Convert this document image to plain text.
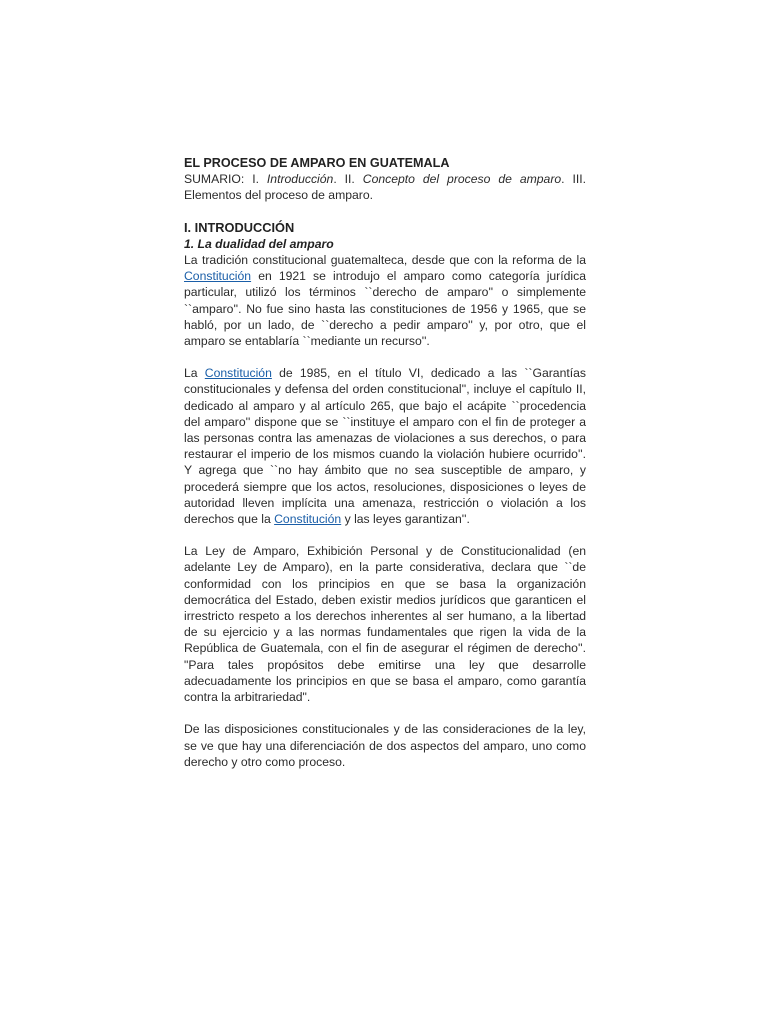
EL PROCESO DE AMPARO EN GUATEMALA

SUMARIO: I. Introducción. II. Concepto del proceso de amparo. III. Elementos del proceso de amparo.

I. INTRODUCCIÓN
1. La dualidad del amparo

La tradición constitucional guatemalteca, desde que con la reforma de la Constitución en 1921 se introdujo el amparo como categoría jurídica particular, utilizó los términos ``derecho de amparo'' o simplemente ``amparo''. No fue sino hasta las constituciones de 1956 y 1965, que se habló, por un lado, de ``derecho a pedir amparo'' y, por otro, que el amparo se entablaría ``mediante un recurso''.

La Constitución de 1985, en el título VI, dedicado a las ``Garantías constitucionales y defensa del orden constitucional'', incluye el capítulo II, dedicado al amparo y al artículo 265, que bajo el acápite ``procedencia del amparo'' dispone que se ``instituye el amparo con el fin de proteger a las personas contra las amenazas de violaciones a sus derechos, o para restaurar el imperio de los mismos cuando la violación hubiere ocurrido''. Y agrega que ``no hay ámbito que no sea susceptible de amparo, y procederá siempre que los actos, resoluciones, disposiciones o leyes de autoridad lleven implícita una amenaza, restricción o violación a los derechos que la Constitución y las leyes garantizan''.

La Ley de Amparo, Exhibición Personal y de Constitucionalidad (en adelante Ley de Amparo), en la parte considerativa, declara que ``de conformidad con los principios en que se basa la organización democrática del Estado, deben existir medios jurídicos que garanticen el irrestricto respeto a los derechos inherentes al ser humano, a la libertad de su ejercicio y a las normas fundamentales que rigen la vida de la República de Guatemala, con el fin de asegurar el régimen de derecho''. "Para tales propósitos debe emitirse una ley que desarrolle adecuadamente los principios en que se basa el amparo, como garantía contra la arbitrariedad".

De las disposiciones constitucionales y de las consideraciones de la ley, se ve que hay una diferenciación de dos aspectos del amparo, uno como derecho y otro como proceso.
